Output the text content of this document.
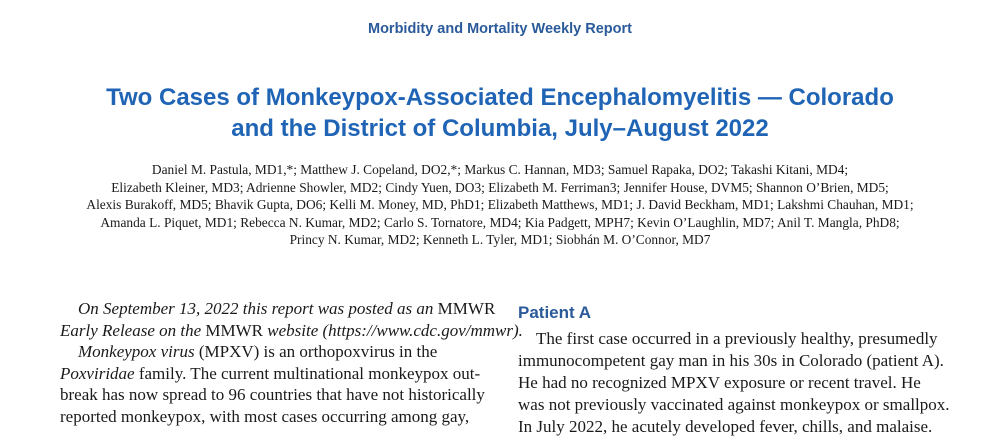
Morbidity and Mortality Weekly Report
Two Cases of Monkeypox-Associated Encephalomyelitis — Colorado
and the District of Columbia, July–August 2022
Daniel M. Pastula, MD1,*; Matthew J. Copeland, DO2,*; Markus C. Hannan, MD3; Samuel Rapaka, DO2; Takashi Kitani, MD4;
Elizabeth Kleiner, MD3; Adrienne Showler, MD2; Cindy Yuen, DO3; Elizabeth M. Ferriman3; Jennifer House, DVM5; Shannon O’Brien, MD5;
Alexis Burakoff, MD5; Bhavik Gupta, DO6; Kelli M. Money, MD, PhD1; Elizabeth Matthews, MD1; J. David Beckham, MD1; Lakshmi Chauhan, MD1;
Amanda L. Piquet, MD1; Rebecca N. Kumar, MD2; Carlo S. Tornatore, MD4; Kia Padgett, MPH7; Kevin O’Laughlin, MD7; Anil T. Mangla, PhD8;
Princy N. Kumar, MD2; Kenneth L. Tyler, MD1; Siobhán M. O’Connor, MD7
On September 13, 2022 this report was posted as an MMWR
Early Release on the MMWR website (https://www.cdc.gov/mmwr).
Monkeypox virus (MPXV) is an orthopoxvirus in the
Poxviridae family. The current multinational monkeypox out-
break has now spread to 96 countries that have not historically
reported monkeypox, with most cases occurring among gay,
Patient A
The first case occurred in a previously healthy, presumedly
immunocompetent gay man in his 30s in Colorado (patient A).
He had no recognized MPXV exposure or recent travel. He
was not previously vaccinated against monkeypox or smallpox.
In July 2022, he acutely developed fever, chills, and malaise.
